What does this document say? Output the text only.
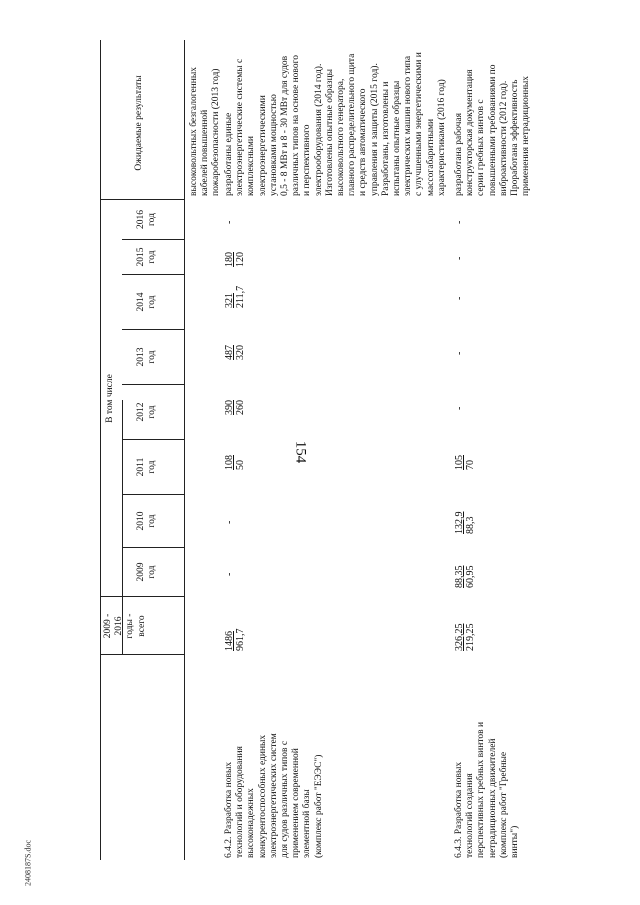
154
2408187S.doc
2009 -
2016
годы -
всего
В том числе
2009
год
2010
год
2011
год
2012
год
2013
год
2014
год
2015
год
2016
год
Ожидаемые результаты	высоковольтных безгалогенных
кабелей повышенной
пожаробезопасности (2013 год)
6.4.2. Разработка новых
технологий и оборудования
высоконадежных
конкурентоспособных единых
электроэнергетических систем
для судов различных типов с
применением современной
элементной базы
(комплекс работ "ЕЭЭС")
1486 961,7
-
-
108 50
390 260
487 320
321 211,7
180 120
-
разработаны единые
электроэнергетические системы с
комплексными
электроэнергетическими
установками мощностью
0,5 - 8 МВт и 8 - 30 МВт для судов
различных типов на основе нового
и перспективного
электрооборудования (2014 год).
Изготовлены опытные образцы
высоковольтного генератора,
главного распределительного щита
и средств автоматического
управления и защиты (2015 год).
Разработаны, изготовлены и
испытаны опытные образцы
электрических машин нового типа
с улучшенными энергетическими и
массогабаритными
характеристиками (2016 год)
6.4.3. Разработка новых
технологий создания
перспективных гребных винтов и
нетрадиционных движителей
(комплекс работ "Гребные
винты")
326,25 219,25
88,35 60,95
132,9 88,3
105 70
-
-
-
-
-
разработана рабочая
конструкторская документация
серии гребных винтов с
повышенными требованиями по
виброактивности (2012 год).
Проработана эффективность
применения нетрадиционных
